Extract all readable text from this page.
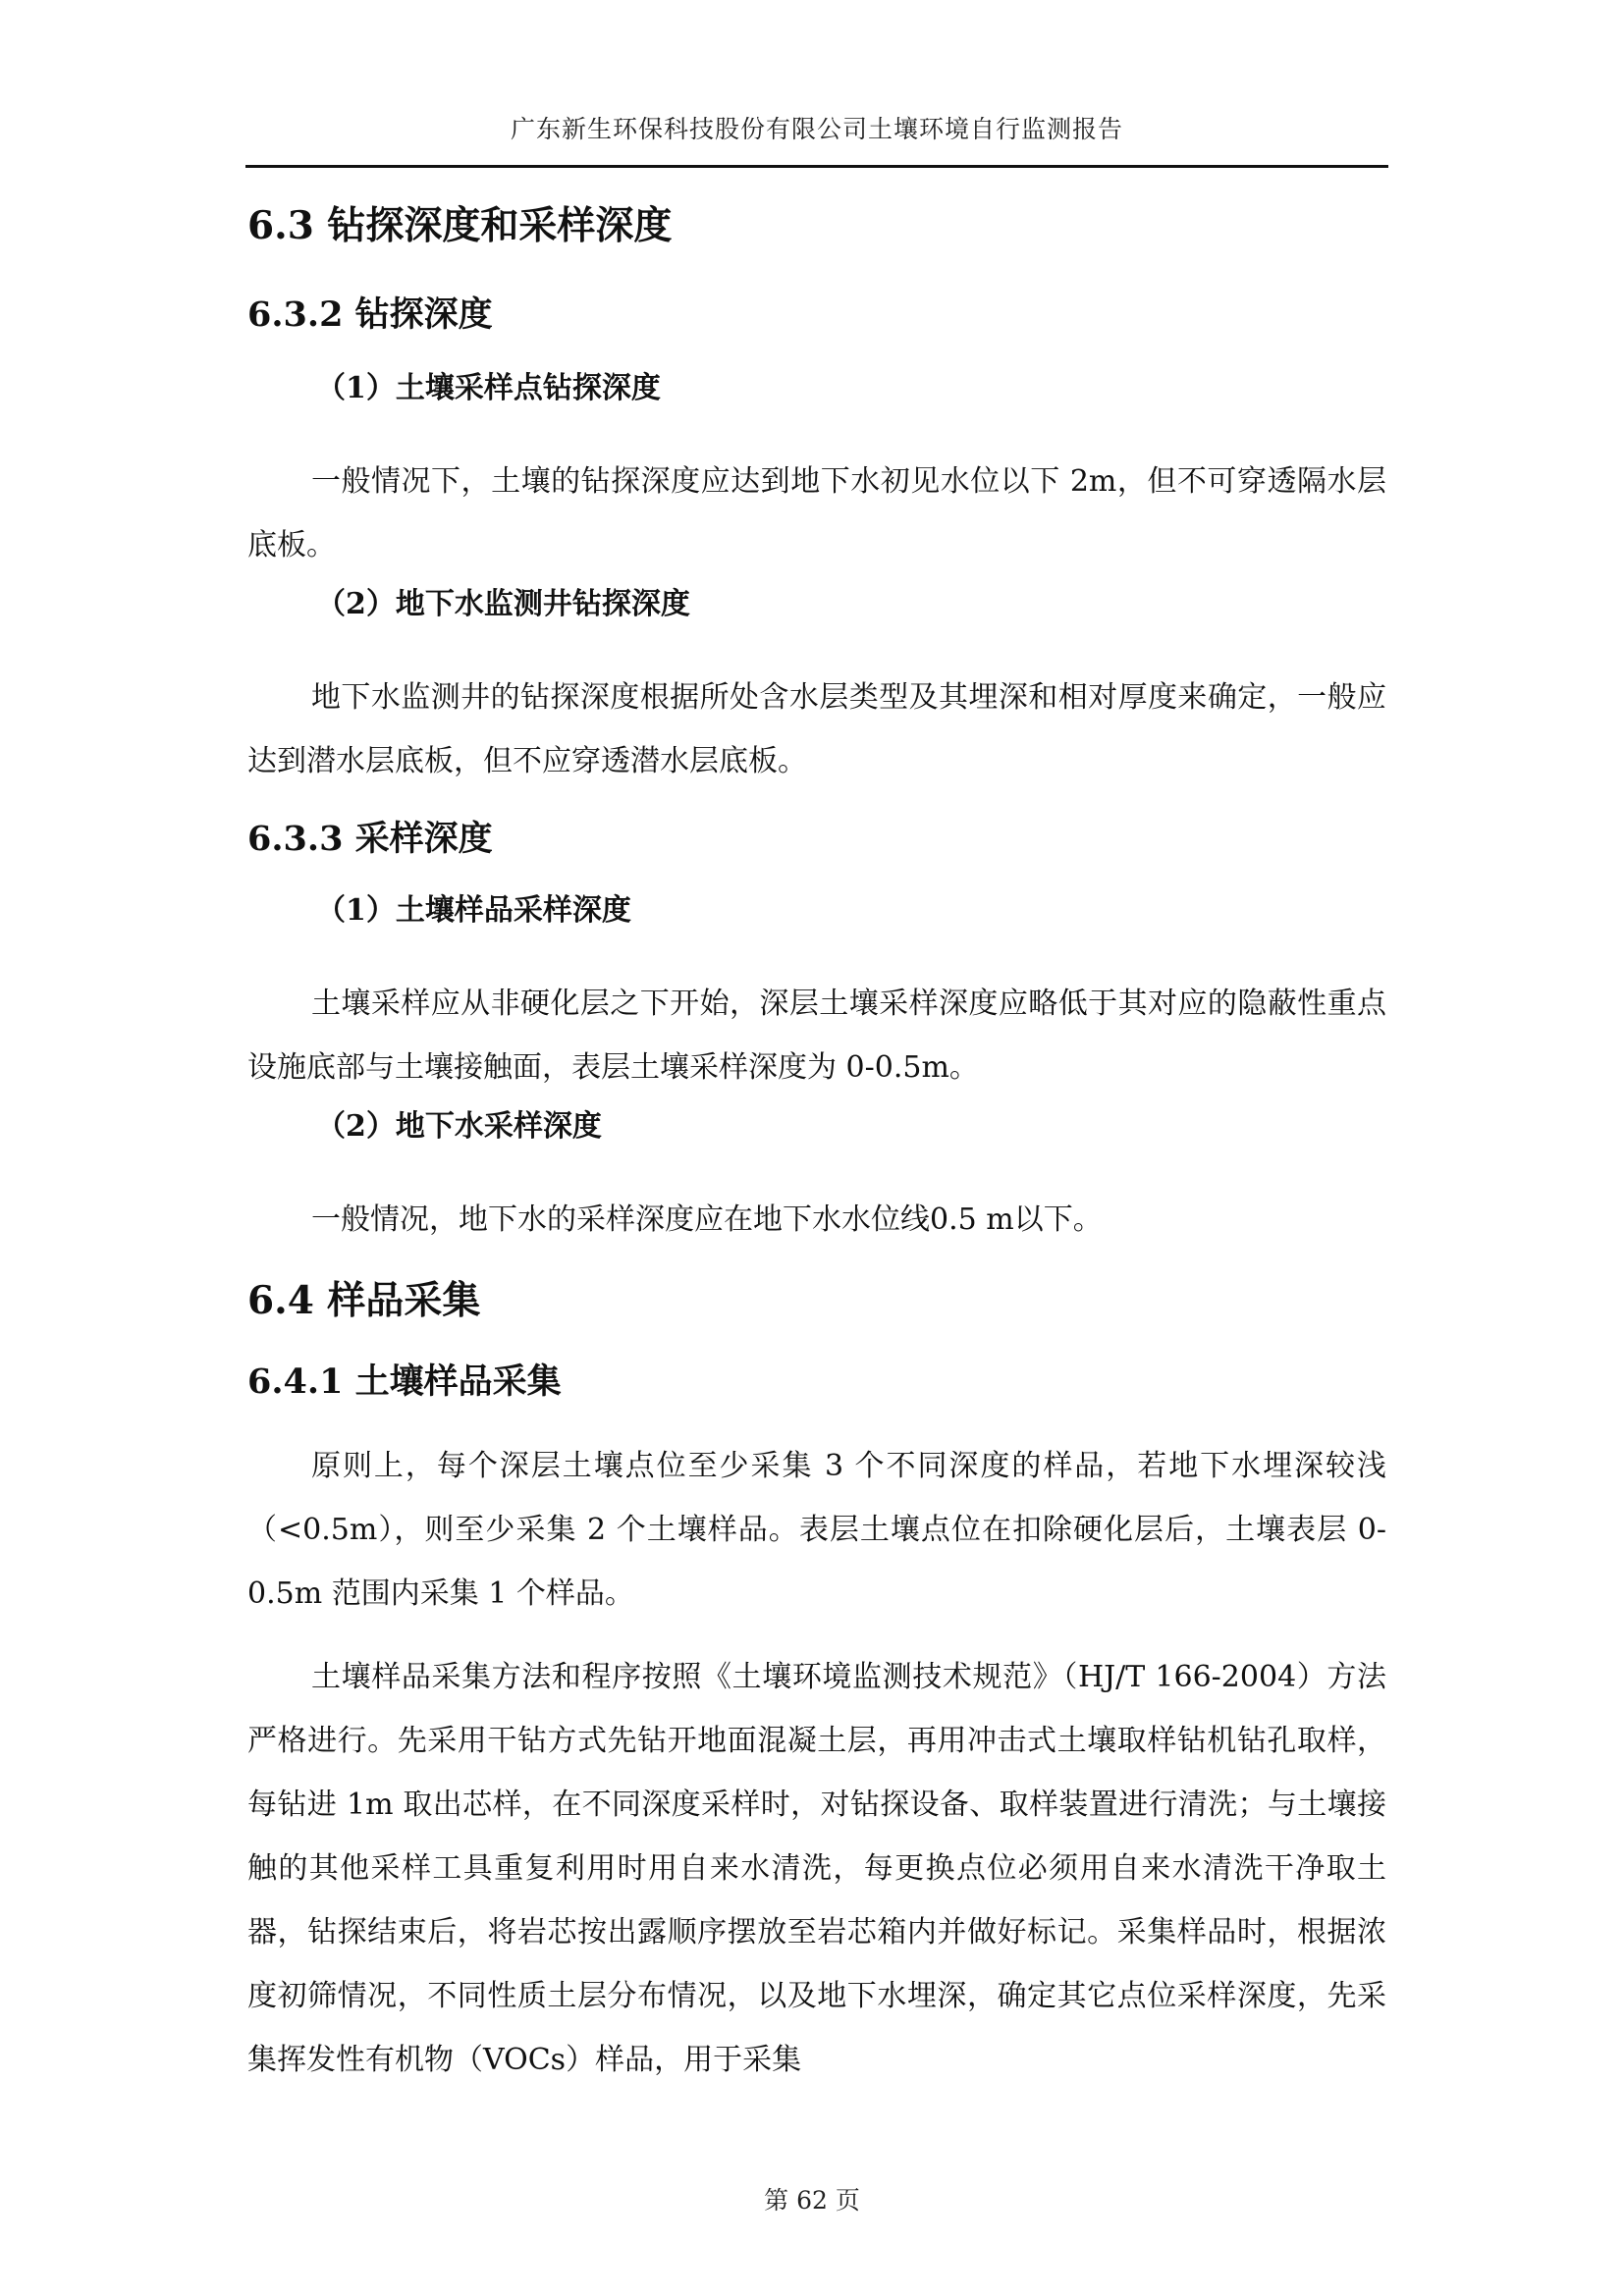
广东新生环保科技股份有限公司土壤环境自行监测报告
6.3 钻探深度和采样深度
6.3.2 钻探深度
（1）土壤采样点钻探深度

一般情况下，土壤的钻探深度应达到地下水初见水位以下 2m，但不可穿透隔水层底板。

（2）地下水监测井钻探深度

地下水监测井的钻探深度根据所处含水层类型及其埋深和相对厚度来确定，一般应达到潜水层底板，但不应穿透潜水层底板。

6.3.3 采样深度
（1）土壤样品采样深度

土壤采样应从非硬化层之下开始，深层土壤采样深度应略低于其对应的隐蔽性重点设施底部与土壤接触面，表层土壤采样深度为 0-0.5m。

（2）地下水采样深度

一般情况，地下水的采样深度应在地下水水位线0.5 m以下。

6.4 样品采集
6.4.1 土壤样品采集

原则上，每个深层土壤点位至少采集 3 个不同深度的样品，若地下水埋深较浅（<0.5m），则至少采集 2 个土壤样品。表层土壤点位在扣除硬化层后，土壤表层 0-0.5m 范围内采集 1 个样品。

土壤样品采集方法和程序按照《土壤环境监测技术规范》（HJ/T 166-2004）方法严格进行。先采用干钻方式先钻开地面混凝土层，再用冲击式土壤取样钻机钻孔取样，每钻进 1m 取出芯样，在不同深度采样时，对钻探设备、取样装置进行清洗；与土壤接触的其他采样工具重复利用时用自来水清洗，每更换点位必须用自来水清洗干净取土器，钻探结束后，将岩芯按出露顺序摆放至岩芯箱内并做好标记。采集样品时，根据浓度初筛情况，不同性质土层分布情况，以及地下水埋深，确定其它点位采样深度，先采集挥发性有机物（VOCs）样品，用于采集

第 62 页
